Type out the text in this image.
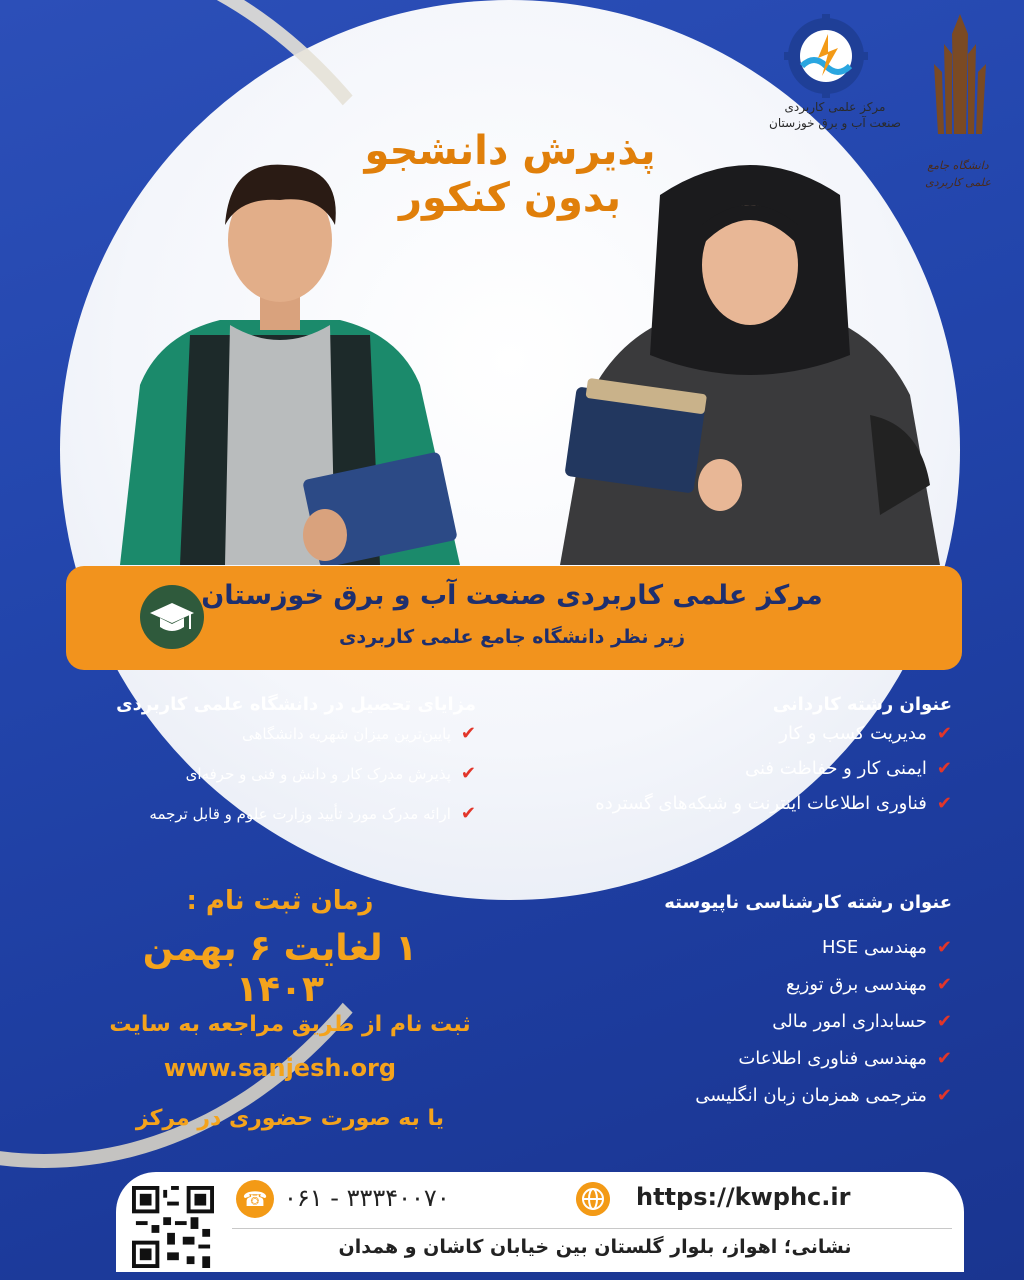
مرکز علمی کاربردی
صنعت آب و برق خوزستان
دانشگاه جامع
علمی کاربردی
پذیرش دانشجو
بدون کنکور
مرکز علمی کاربردی صنعت آب و برق خوزستان
زیر نظر دانشگاه جامع علمی کاربردی
عنوان رشته کاردانی
✔
مدیریت کسب و کار
✔
ایمنی کار و حفاظت فنی
✔
فناوری اطلاعات اینترنت و شبکه‌های گسترده
مزایای تحصیل در دانشگاه علمی کاربردی
✔
پایین‌ترین میزان شهریه دانشگاهی
✔
پذیرش مدرک کار و دانش و فنی و حرفه‌ای
✔
ارائه مدرک مورد تأیید وزارت علوم و قابل ترجمه
عنوان رشته کارشناسی ناپیوسته
✔
مهندسی HSE
✔
مهندسی برق توزیع
✔
حسابداری امور مالی
✔
مهندسی فناوری اطلاعات
✔
مترجمی همزمان زبان انگلیسی
زمان ثبت نام :
۱ لغایت ۶ بهمن ۱۴۰۳
ثبت نام از طریق مراجعه به سایت
www.sanjesh.org
یا به صورت حضوری در مرکز
☎ ۰۶۱ - ۳۳۳۴۰۰۷۰	https://kwphc.ir
نشانی؛ اهواز، بلوار گلستان بین خیابان کاشان و همدان
